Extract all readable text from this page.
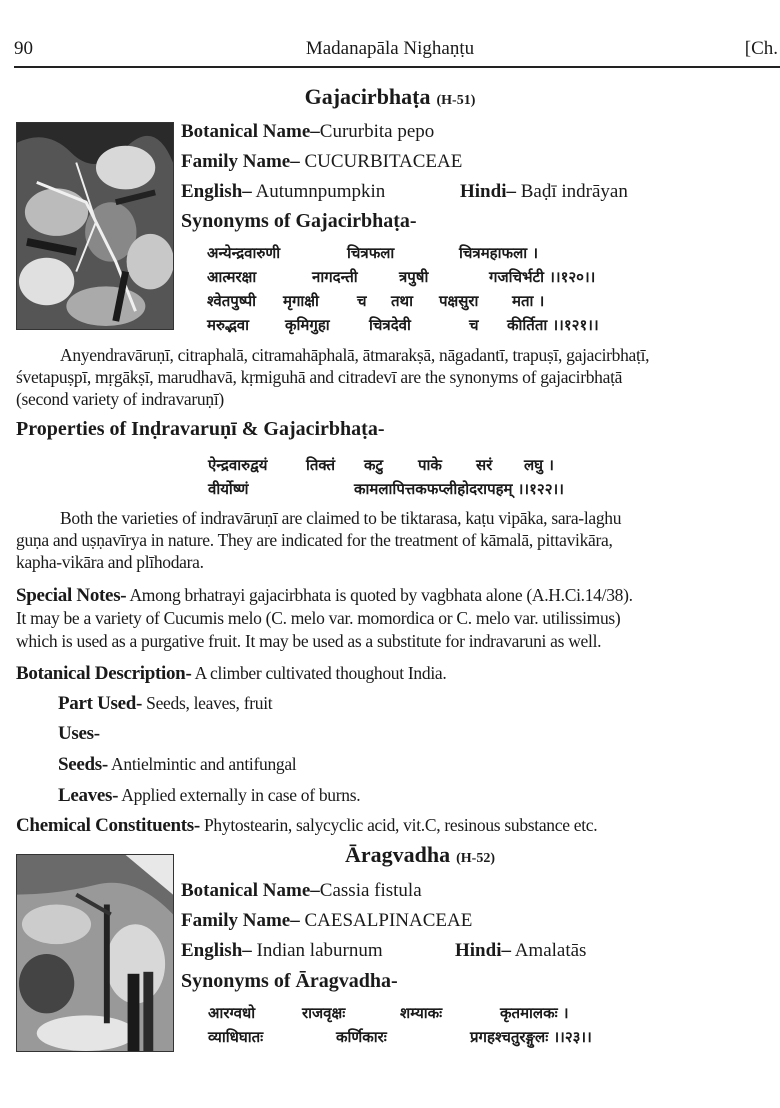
90	Madanapāla Nighaṇṭu	[Ch.
Gajacirbhaṭa (H-51)
Botanical Name–Cururbita pepo
Family Name– CUCURBITACEAE
English– Autumnpumpkin	Hindi– Baḍī indrāyan
Synonyms of Gajacirbhaṭa-
अन्येन्द्रवारुणी	चित्रफला	चित्रमहाफला ।
आत्मरक्षा	नागदन्ती	त्रपुषी	गजचिर्भटी ।।१२०।।
श्वेतपुष्पी मृगाक्षी	च तथा पक्षसुरा मता ।
मरुद्भवा कृमिगुहा	चित्रदेवी	च कीर्तिता ।।१२१।।
Anyendravāruṇī, citraphalā, citramahāphalā, ātmarakṣā, nāgadantī, trapuṣī, gajacirbhaṭī,
śvetapuṣpī, mṛgākṣī, marudhavā, kṛmiguhā and citradevī are the synonyms of gajacirbhaṭā
(second variety of indravaruṇī)
Properties of Inḍravaruṇī & Gajacirbhaṭa-
ऐन्द्रवारुद्वयं	तिक्तं कटु पाके सरं लघु ।
वीर्योष्णं	कामलापित्तकफप्लीहोदरापहम् ।।१२२।।
Both the varieties of indravāruṇī are claimed to be tiktarasa, kaṭu vipāka, sara-laghu
guṇa and uṣṇavīrya in nature. They are indicated for the treatment of kāmalā, pittavikāra,
kapha-vikāra and plīhodara.
Special Notes- Among brhatrayi gajacirbhata is quoted by vagbhata alone (A.H.Ci.14/38).
It may be a variety of Cucumis melo (C. melo var. momordica or C. melo var. utilissimus)
which is used as a purgative fruit. It may be used as a substitute for indravaruni as well.
Botanical Description- A climber cultivated thoughout India.
Part Used- Seeds, leaves, fruit
Uses-
Seeds- Antielmintic and antifungal
Leaves- Applied externally in case of burns.
Chemical Constituents- Phytostearin, salycyclic acid, vit.C, resinous substance etc.
Āragvadha (H-52)
Botanical Name–Cassia fistula
Family Name– CAESALPINACEAE
English– Indian laburnum	Hindi– Amalatās
Synonyms of Āragvadha-
आरग्वधो	राजवृक्षः	शम्याकः	कृतमालकः ।
व्याधिघातः	कर्णिकारः	प्रगहश्चतुरङ्गुलः ।।२३।।
